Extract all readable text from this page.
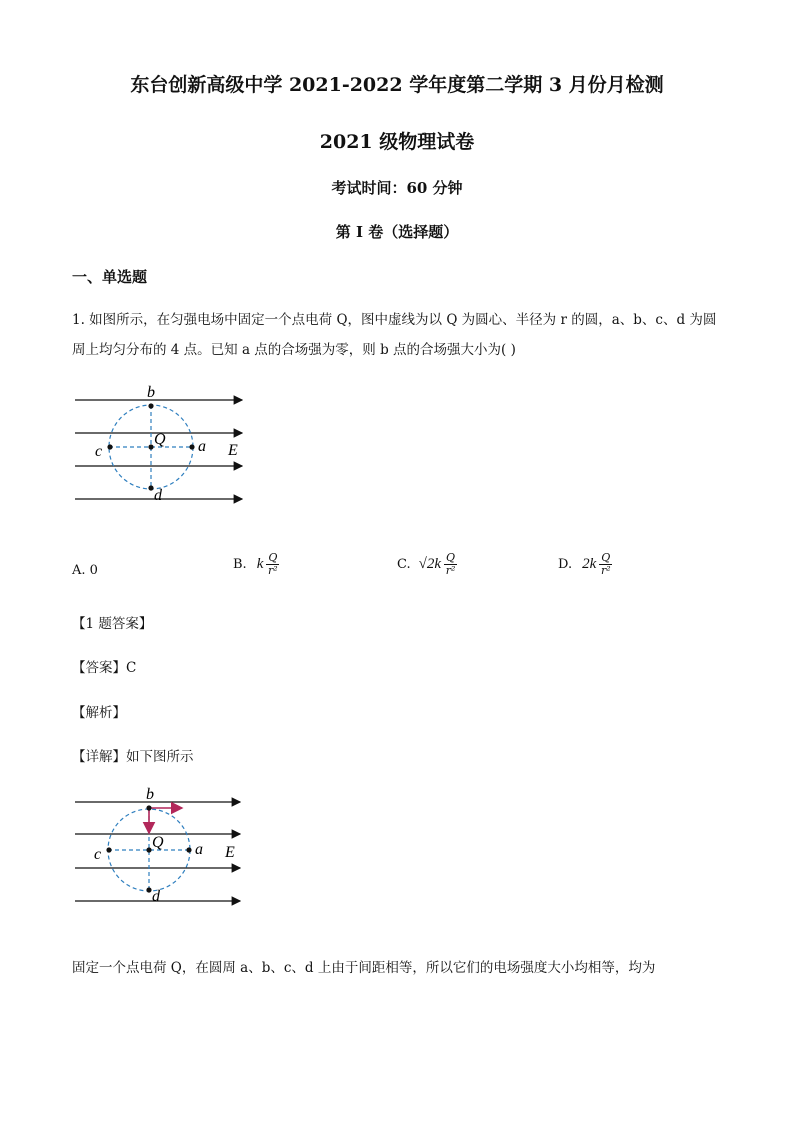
东台创新高级中学 2021-2022 学年度第二学期 3 月份月检测
2021 级物理试卷
考试时间：60 分钟
第 I 卷（选择题）
一、单选题
1. 如图所示，在匀强电场中固定一个点电荷 Q，图中虚线为以 Q 为圆心、半径为 r 的圆，a、b、c、d 为圆
周上均匀分布的 4 点。已知 a 点的合场强为零，则 b 点的合场强大小为( )
b
Q a
c
d
E
A. 0	B. k $\frac{Q}{\text{r²}}$	C. $√2k \frac{Q}{\text{r²}}$	D. $2k \frac{Q}{\text{r²}}$
【1 题答案】
【答案】C
【解析】
【详解】如下图所示
b
Q a
c
d
E
固定一个点电荷 Q，在圆周 a、b、c、d 上由于间距相等，所以它们的电场强度大小均相等，均为
